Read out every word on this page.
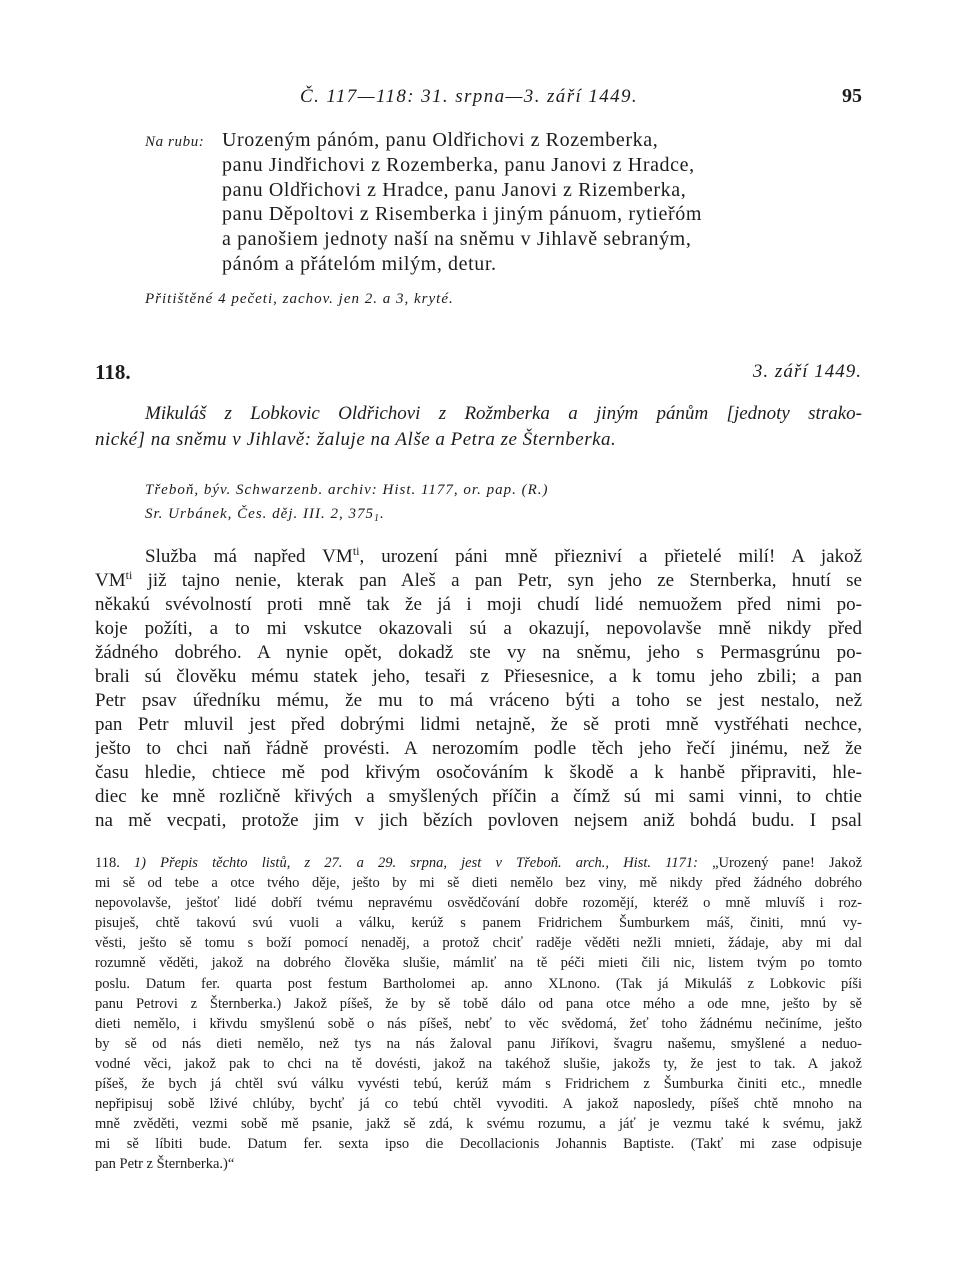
Č. 117—118: 31. srpna—3. září 1449.	95
Na rubu: Urozeným pánóm, panu Oldřichovi z Rozemberka,
panu Jindřichovi z Rozemberka, panu Janovi z Hradce,
panu Oldřichovi z Hradce, panu Janovi z Rizemberka,
panu Děpoltovi z Risemberka i jiným pánuom, rytieřóm
a panošiem jednoty naší na sněmu v Jihlavě sebraným,
pánóm a přátelóm milým, detur.
Přitištěné 4 pečeti, zachov. jen 2. a 3, kryté.
118.	3. září 1449.
Mikuláš z Lobkovic Oldřichovi z Rožmberka a jiným pánům [jednoty strako-
nické] na sněmu v Jihlavě: žaluje na Alše a Petra ze Šternberka.
Třeboň, býv. Schwarzenb. archiv: Hist. 1177, or. pap. (R.)
Sr. Urbánek, Čes. děj. III. 2, $375_1$.
Služba má napřed $VM^{ti}$, urození páni mně přiezniví a přietelé milí! A jakož
$VM^{ti}$ již tajno nenie, kterak pan Aleš a pan Petr, syn jeho ze Sternberka, hnutí se
někakú svévolností proti mně tak že já i moji chudí lidé nemuožem před nimi po-
koje požíti, a to mi vskutce okazovali sú a okazují, nepovolavše mně nikdy před
žádného dobrého. A nynie opět, dokadž ste vy na sněmu, jeho s Permasgrúnu po-
brali sú člověku mému statek jeho, tesaři z Přiesesnice, a k tomu jeho zbili; a pan
Petr psav úředníku mému, že mu to má vráceno býti a toho se jest nestalo, než
pan Petr mluvil jest před dobrými lidmi netajně, že sě proti mně vystřéhati nechce,
ješto to chci naň řádně provésti. A nerozomím podle těch jeho řečí jinému, než že
času hledie, chtiece mě pod křivým osočováním k škodě a k hanbě připraviti, hle-
diec ke mně rozličně křivých a smyšlených příčin a čímž sú mi sami vinni, to chtie
na mě vecpati, protože jim v jich bězích povloven nejsem aniž bohdá budu. I psal
118. 1) Přepis těchto listů, z 27. a 29. srpna, jest v Třeboň. arch., Hist. 1171: „Urozený pane! Jakož
mi sě od tebe a otce tvého děje, ješto by mi sě dieti nemělo bez viny, mě nikdy před žádného dobrého
nepovolavše, ještoť lidé dobří tvému nepravému osvědčování dobře rozomějí, kteréž o mně mluvíš i roz-
pisuješ, chtě takovú svú vuoli a válku, kerúž s panem Fridrichem Šumburkem máš, činiti, mnú vy-
věsti, ješto sě tomu s boží pomocí nenaděj, a protož chciť raděje věděti nežli mnieti, žádaje, aby mi dal
rozumně věděti, jakož na dobrého člověka slušie, mámliť na tě péči mieti čili nic, listem tvým po tomto
poslu. Datum fer. quarta post festum Bartholomei ap. anno XLnono. (Tak já Mikuláš z Lobkovic píši
panu Petrovi z Šternberka.) Jakož píšeš, že by sě tobě dálo od pana otce mého a ode mne, ješto by sě
dieti nemělo, i křivdu smyšlenú sobě o nás píšeš, nebť to věc svědomá, žeť toho žádnému nečiníme, ješto
by sě od nás dieti nemělo, než tys na nás žaloval panu Jiříkovi, švagru našemu, smyšlené a neduo-
vodné věci, jakož pak to chci na tě dovésti, jakož na takéhož slušie, jakožs ty, že jest to tak. A jakož
píšeš, že bych já chtěl svú válku vyvésti tebú, kerúž mám s Fridrichem z Šumburka činiti etc., mnedle
nepřipisuj sobě lživé chlúby, bychť já co tebú chtěl vyvoditi. A jakož naposledy, píšeš chtě mnoho na
mně zvěděti, vezmi sobě mě psanie, jakž sě zdá, k svému rozumu, a jáť je vezmu také k svému, jakž
mi sě líbiti bude. Datum fer. sexta ipso die Decollacionis Johannis Baptiste. (Takť mi zase odpisuje
pan Petr z Šternberka.)“
